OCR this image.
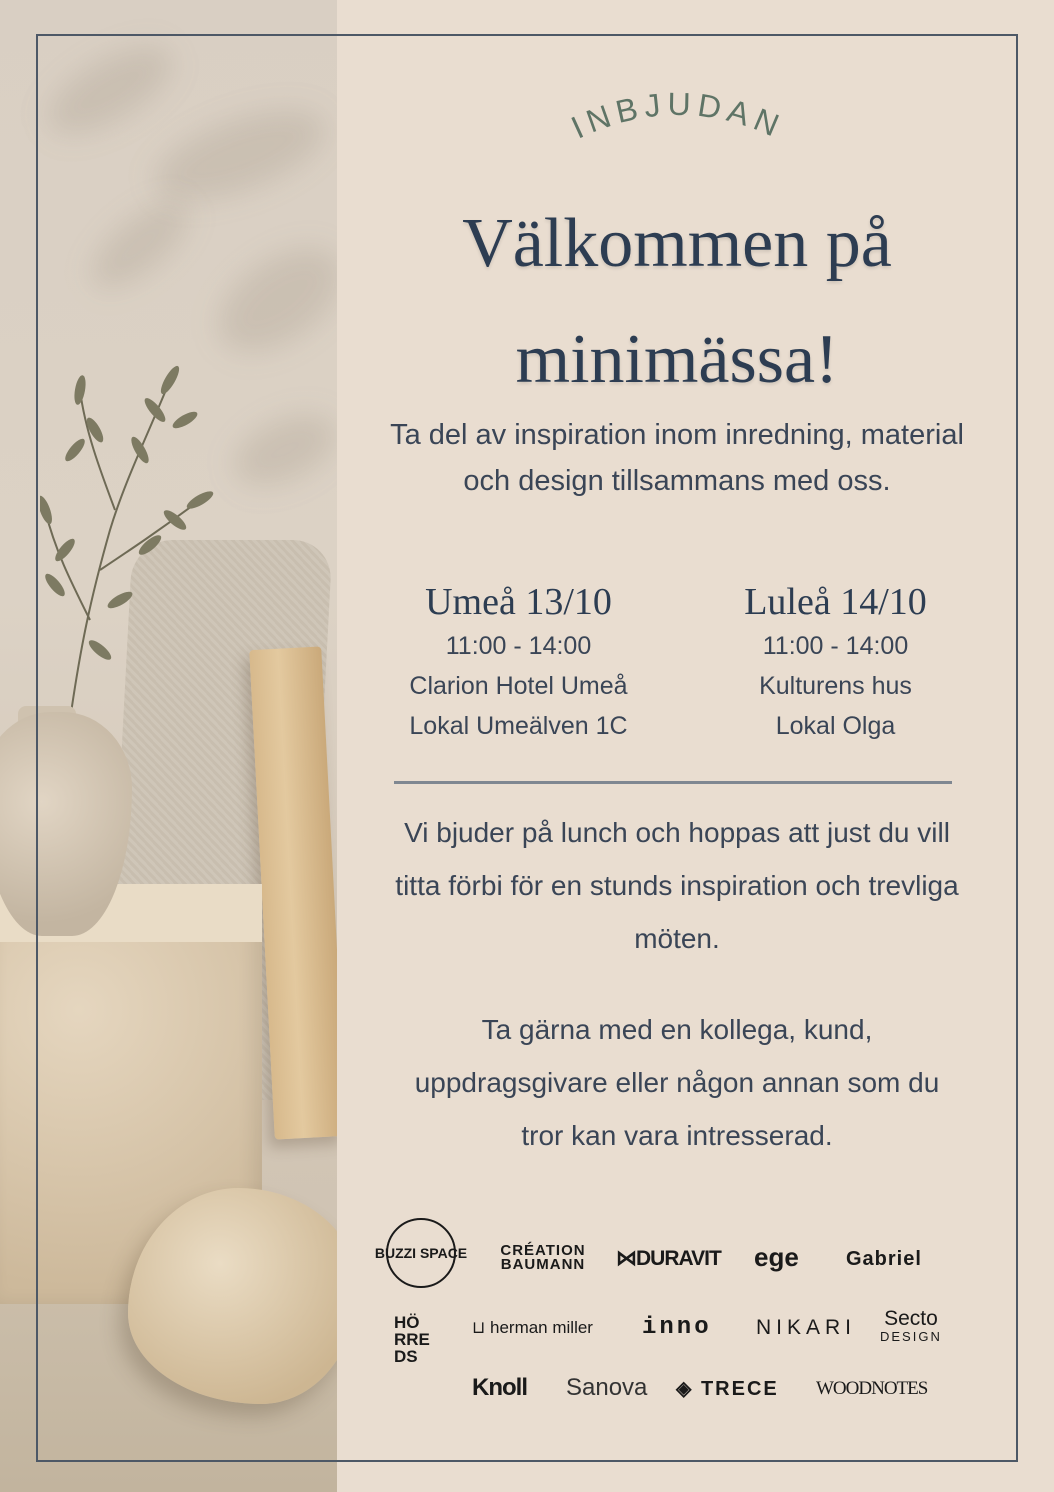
INBJUDAN
Välkommen på minimässa!

Ta del av inspiration inom inredning, material och design tillsammans med oss.

Umeå 13/10
11:00 - 14:00
Clarion Hotel Umeå
Lokal Umeälven 1C
Luleå 14/10
11:00 - 14:00
Kulturens hus
Lokal Olga

Vi bjuder på lunch och hoppas att just du vill titta förbi för en stunds inspiration och trevliga möten.

Ta gärna med en kollega, kund, uppdragsgivare eller någon annan som du tror kan vara intresserad.

BUZZI SPACE CRÉATION BAUMANN ⋈DURAVIT ege Gabriel
HÖRREDS
⊔ herman miller inno NIKARI Secto
DESIGN
Knoll Sanova ◈ TRECE WOODNOTES
